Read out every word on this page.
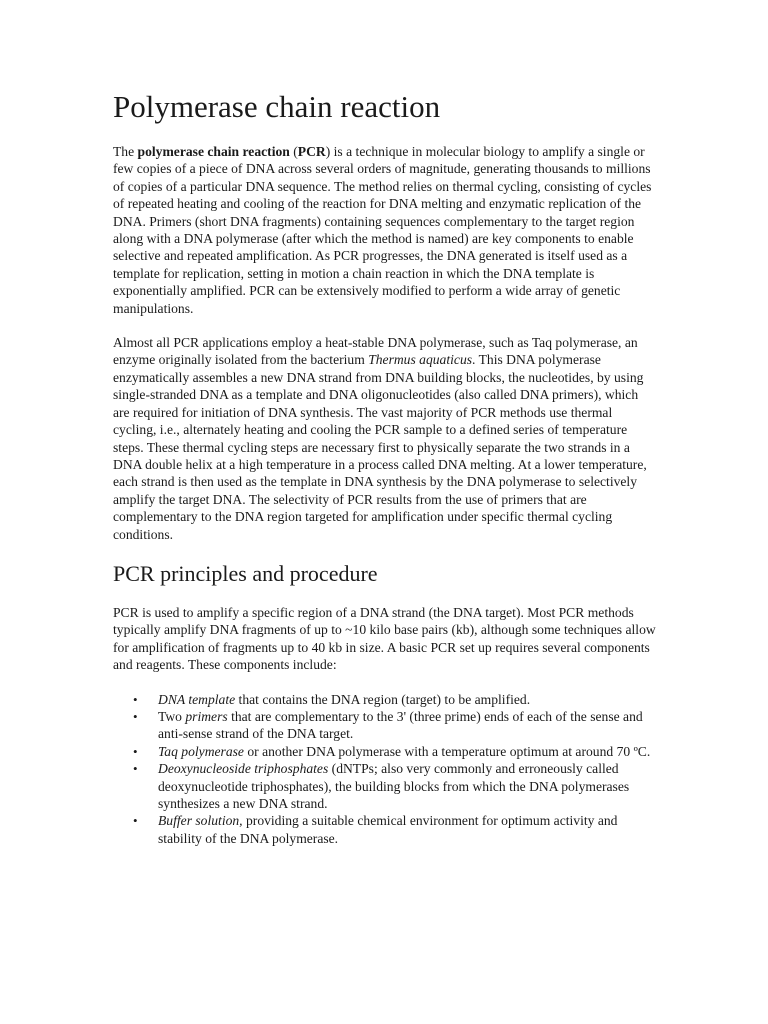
Polymerase chain reaction

The polymerase chain reaction (PCR) is a technique in molecular biology to amplify a single or few copies of a piece of DNA across several orders of magnitude, generating thousands to millions of copies of a particular DNA sequence. The method relies on thermal cycling, consisting of cycles of repeated heating and cooling of the reaction for DNA melting and enzymatic replication of the DNA. Primers (short DNA fragments) containing sequences complementary to the target region along with a DNA polymerase (after which the method is named) are key components to enable selective and repeated amplification. As PCR progresses, the DNA generated is itself used as a template for replication, setting in motion a chain reaction in which the DNA template is exponentially amplified. PCR can be extensively modified to perform a wide array of genetic manipulations.

Almost all PCR applications employ a heat-stable DNA polymerase, such as Taq polymerase, an enzyme originally isolated from the bacterium Thermus aquaticus. This DNA polymerase enzymatically assembles a new DNA strand from DNA building blocks, the nucleotides, by using single-stranded DNA as a template and DNA oligonucleotides (also called DNA primers), which are required for initiation of DNA synthesis. The vast majority of PCR methods use thermal cycling, i.e., alternately heating and cooling the PCR sample to a defined series of temperature steps. These thermal cycling steps are necessary first to physically separate the two strands in a DNA double helix at a high temperature in a process called DNA melting. At a lower temperature, each strand is then used as the template in DNA synthesis by the DNA polymerase to selectively amplify the target DNA. The selectivity of PCR results from the use of primers that are complementary to the DNA region targeted for amplification under specific thermal cycling conditions.

PCR principles and procedure

PCR is used to amplify a specific region of a DNA strand (the DNA target). Most PCR methods typically amplify DNA fragments of up to ~10 kilo base pairs (kb), although some techniques allow for amplification of fragments up to 40 kb in size. A basic PCR set up requires several components and reagents. These components include:

• DNA template that contains the DNA region (target) to be amplified.
• Two primers that are complementary to the 3' (three prime) ends of each of the sense and anti-sense strand of the DNA target.
• Taq polymerase or another DNA polymerase with a temperature optimum at around 70 ºC.
• Deoxynucleoside triphosphates (dNTPs; also very commonly and erroneously called deoxynucleotide triphosphates), the building blocks from which the DNA polymerases synthesizes a new DNA strand.
• Buffer solution, providing a suitable chemical environment for optimum activity and stability of the DNA polymerase.
